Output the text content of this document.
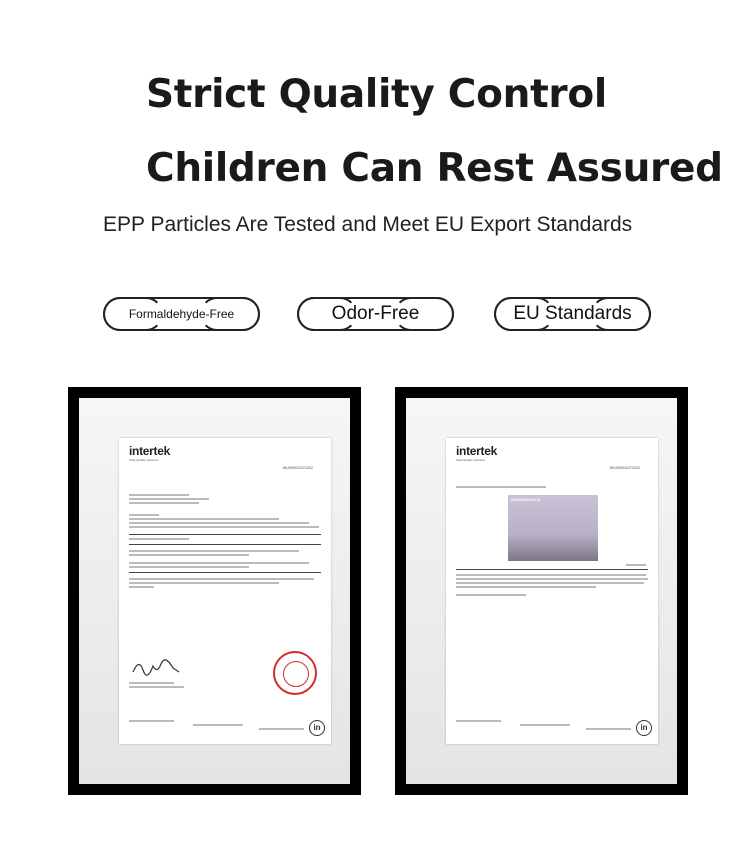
Strict Quality Control
Children Can Rest Assured
EPP Particles Are Tested and Meet EU Export Standards
Formaldehyde-Free	Odor-Free	EU Standards
intertek
Total Quality. Assured.
WUXH00112711D2
in
intertek
Total Quality. Assured.
WUXH00112711D2
WUXH00112711
in
